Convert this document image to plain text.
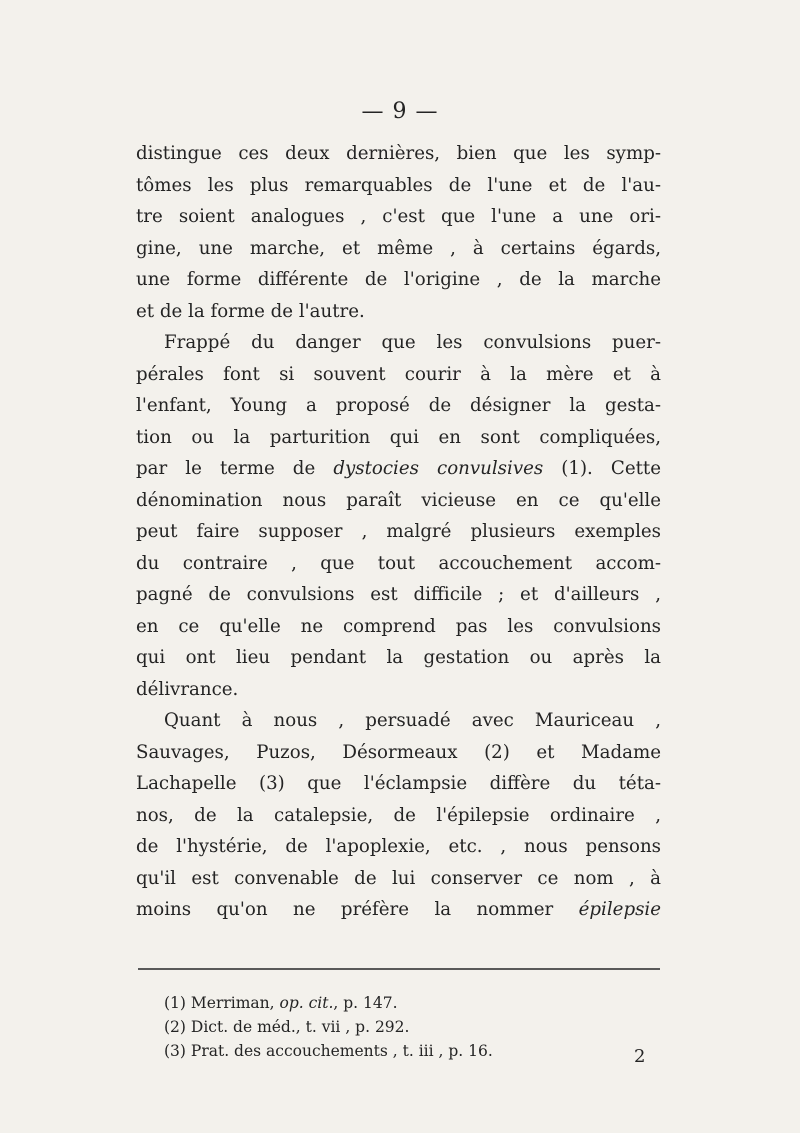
— 9 —
distingue ces deux dernières, bien que les symp-
tômes les plus remarquables de l'une et de l'au-
tre soient analogues , c'est que l'une a une ori-
gine, une marche, et même , à certains égards,
une forme différente de l'origine , de la marche
et de la forme de l'autre.
Frappé du danger que les convulsions puer-
pérales font si souvent courir à la mère et à
l'enfant, Young a proposé de désigner la gesta-
tion ou la parturition qui en sont compliquées,
par le terme de dystocies convulsives (1). Cette
dénomination nous paraît vicieuse en ce qu'elle
peut faire supposer , malgré plusieurs exemples
du contraire , que tout accouchement accom-
pagné de convulsions est difficile ; et d'ailleurs ,
en ce qu'elle ne comprend pas les convulsions
qui ont lieu pendant la gestation ou après la
délivrance.
Quant à nous , persuadé avec Mauriceau ,
Sauvages, Puzos, Désormeaux (2) et Madame
Lachapelle (3) que l'éclampsie diffère du téta-
nos, de la catalepsie, de l'épilepsie ordinaire ,
de l'hystérie, de l'apoplexie, etc. , nous pensons
qu'il est convenable de lui conserver ce nom , à
moins qu'on ne préfère la nommer épilepsie
(1) Merriman, op. cit., p. 147.
(2) Dict. de méd., t. vii , p. 292.
(3) Prat. des accouchements , t. iii , p. 16.	2
